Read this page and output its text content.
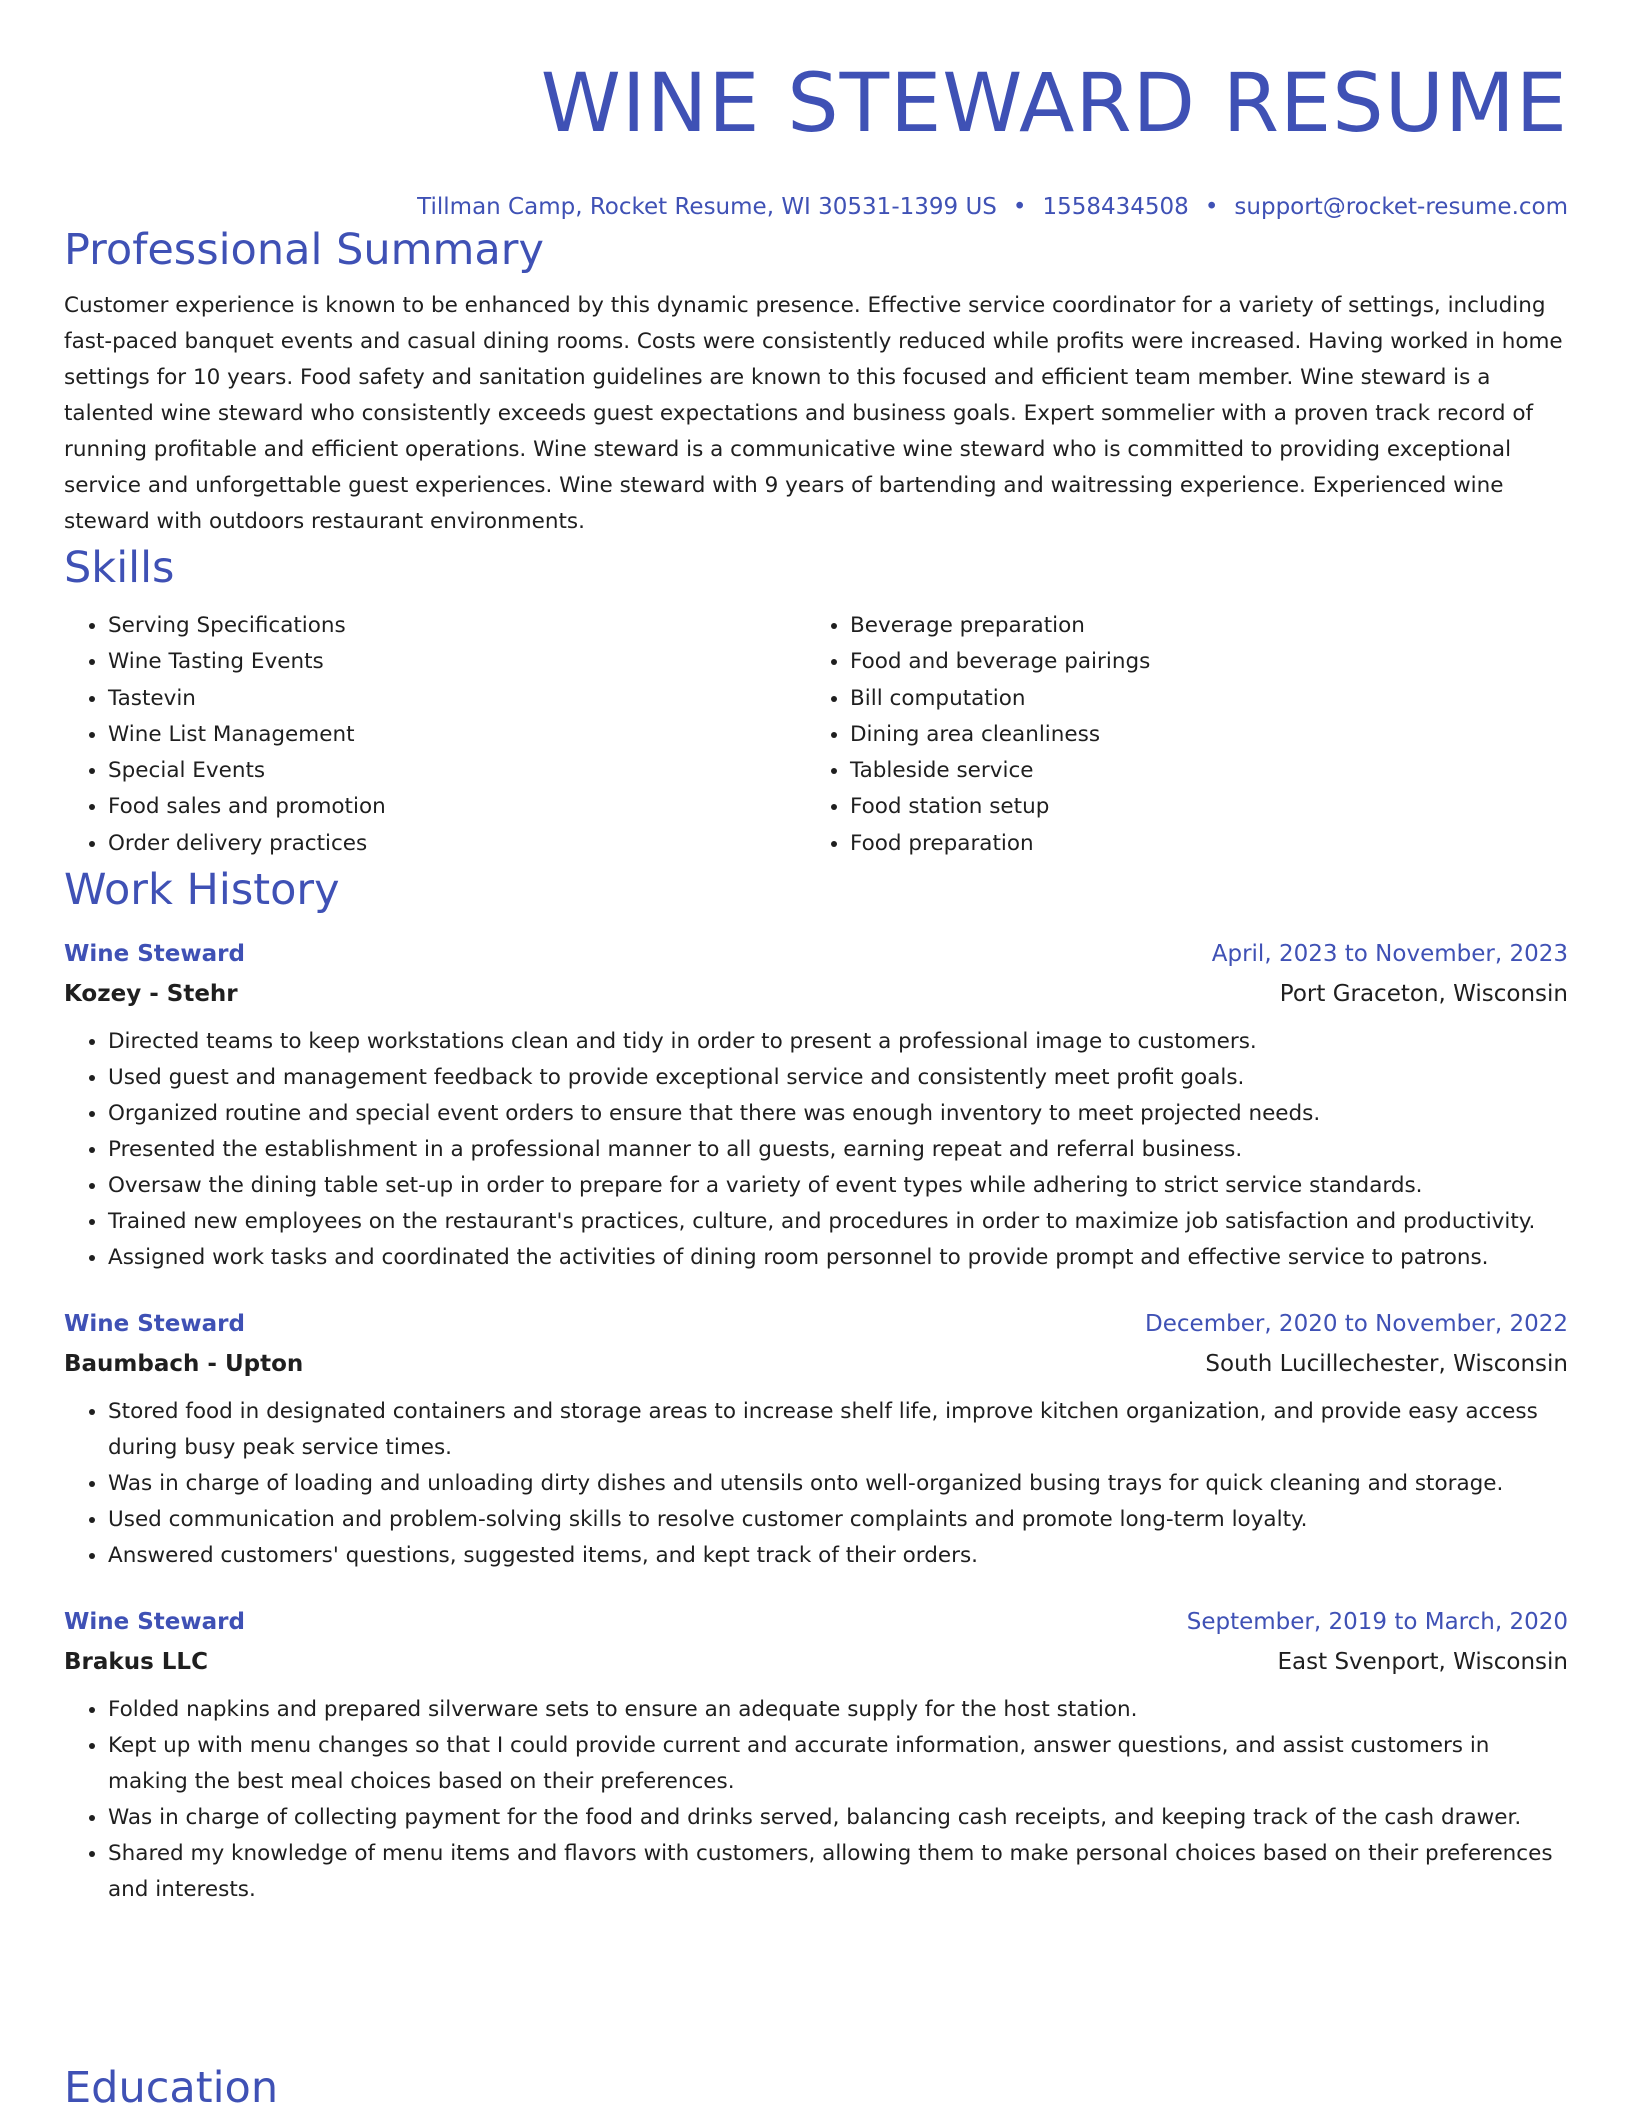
WINE STEWARD RESUME
Tillman Camp, Rocket Resume, WI 30531-1399 US • 1558434508 • support@rocket-resume.com
Professional Summary

Customer experience is known to be enhanced by this dynamic presence. Effective service coordinator for a variety of settings, including fast-paced banquet events and casual dining rooms. Costs were consistently reduced while profits were increased. Having worked in home settings for 10 years. Food safety and sanitation guidelines are known to this focused and efficient team member. Wine steward is a talented wine steward who consistently exceeds guest expectations and business goals. Expert sommelier with a proven track record of running profitable and efficient operations. Wine steward is a communicative wine steward who is committed to providing exceptional service and unforgettable guest experiences. Wine steward with 9 years of bartending and waitressing experience. Experienced wine steward with outdoors restaurant environments.

Skills
• Serving Specifications
• Wine Tasting Events
• Tastevin
• Wine List Management
• Special Events
• Food sales and promotion
• Order delivery practices
• Beverage preparation
• Food and beverage pairings
• Bill computation
• Dining area cleanliness
• Tableside service
• Food station setup
• Food preparation
Work History
Wine Steward	April, 2023 to November, 2023
Kozey - Stehr	Port Graceton, Wisconsin
• Directed teams to keep workstations clean and tidy in order to present a professional image to customers.
• Used guest and management feedback to provide exceptional service and consistently meet profit goals.
• Organized routine and special event orders to ensure that there was enough inventory to meet projected needs.
• Presented the establishment in a professional manner to all guests, earning repeat and referral business.
• Oversaw the dining table set-up in order to prepare for a variety of event types while adhering to strict service standards.
• Trained new employees on the restaurant's practices, culture, and procedures in order to maximize job satisfaction and productivity.
• Assigned work tasks and coordinated the activities of dining room personnel to provide prompt and effective service to patrons.
Wine Steward	December, 2020 to November, 2022
Baumbach - Upton	South Lucillechester, Wisconsin
• Stored food in designated containers and storage areas to increase shelf life, improve kitchen organization, and provide easy access during busy peak service times.
• Was in charge of loading and unloading dirty dishes and utensils onto well-organized busing trays for quick cleaning and storage.
• Used communication and problem-solving skills to resolve customer complaints and promote long-term loyalty.
• Answered customers' questions, suggested items, and kept track of their orders.
Wine Steward	September, 2019 to March, 2020
Brakus LLC	East Svenport, Wisconsin
• Folded napkins and prepared silverware sets to ensure an adequate supply for the host station.
• Kept up with menu changes so that I could provide current and accurate information, answer questions, and assist customers in making the best meal choices based on their preferences.
• Was in charge of collecting payment for the food and drinks served, balancing cash receipts, and keeping track of the cash drawer.
• Shared my knowledge of menu items and flavors with customers, allowing them to make personal choices based on their preferences and interests.
Education
